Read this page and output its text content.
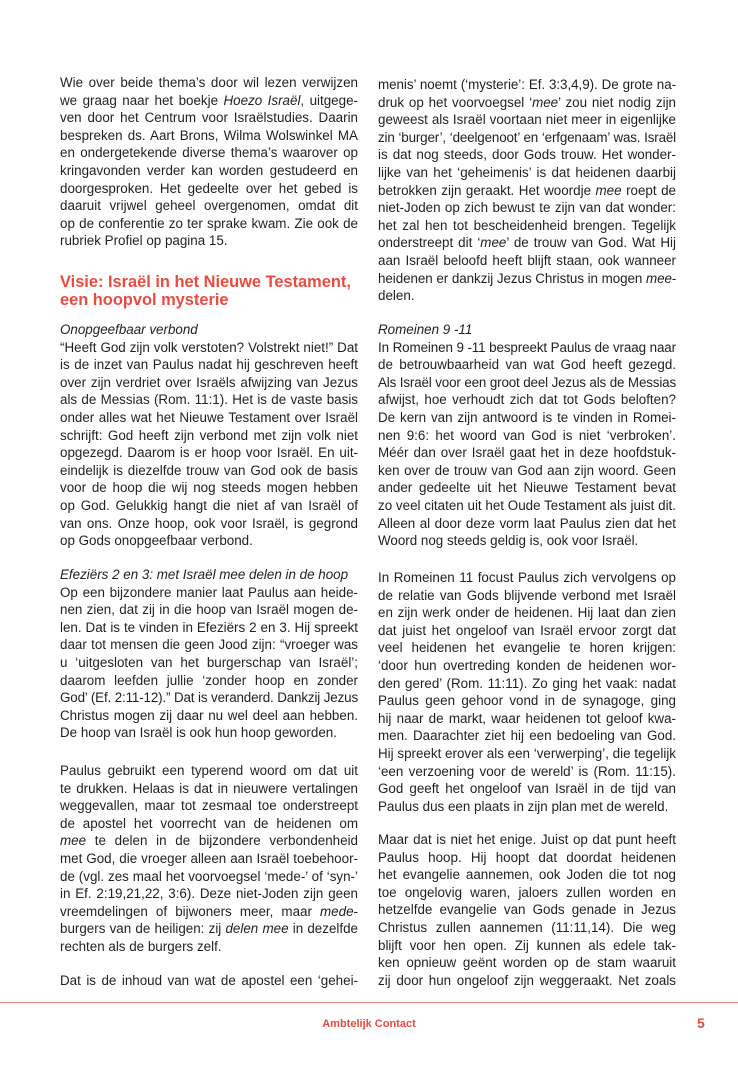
Wie over beide thema’s door wil lezen verwijzen
we graag naar het boekje Hoezo Israël, uitgege-
ven door het Centrum voor Israëlstudies. Daarin
bespreken ds. Aart Brons, Wilma Wolswinkel MA
en ondergetekende diverse thema’s waarover op
kringavonden verder kan worden gestudeerd en
doorgesproken. Het gedeelte over het gebed is
daaruit vrijwel geheel overgenomen, omdat dit
op de conferentie zo ter sprake kwam. Zie ook de
rubriek Profiel op pagina 15.
Visie: Israël in het Nieuwe Testament,
een hoopvol mysterie
Onopgeefbaar verbond
“Heeft God zijn volk verstoten? Volstrekt niet!” Dat
is de inzet van Paulus nadat hij geschreven heeft
over zijn verdriet over Israëls afwijzing van Jezus
als de Messias (Rom. 11:1). Het is de vaste basis
onder alles wat het Nieuwe Testament over Israël
schrijft: God heeft zijn verbond met zijn volk niet
opgezegd. Daarom is er hoop voor Israël. En uit-
eindelijk is diezelfde trouw van God ook de basis
voor de hoop die wij nog steeds mogen hebben
op God. Gelukkig hangt die niet af van Israël of
van ons. Onze hoop, ook voor Israël, is gegrond
op Gods onopgeefbaar verbond.
Efeziërs 2 en 3: met Israël mee delen in de hoop
Op een bijzondere manier laat Paulus aan heide-
nen zien, dat zij in die hoop van Israël mogen de-
len. Dat is te vinden in Efeziërs 2 en 3. Hij spreekt
daar tot mensen die geen Jood zijn: “vroeger was
u ‘uitgesloten van het burgerschap van Israël’;
daarom leefden jullie ‘zonder hoop en zonder
God’ (Ef. 2:11-12).” Dat is veranderd. Dankzij Jezus
Christus mogen zij daar nu wel deel aan hebben.
De hoop van Israël is ook hun hoop geworden.
Paulus gebruikt een typerend woord om dat uit
te drukken. Helaas is dat in nieuwere vertalingen
weggevallen, maar tot zesmaal toe onderstreept
de apostel het voorrecht van de heidenen om
mee te delen in de bijzondere verbondenheid
met God, die vroeger alleen aan Israël toebehoor-
de (vgl. zes maal het voorvoegsel ‘mede-’ of ‘syn-’
in Ef. 2:19,21,22, 3:6). Deze niet-Joden zijn geen
vreemdelingen of bijwoners meer, maar mede-
burgers van de heiligen: zij delen mee in dezelfde
rechten als de burgers zelf.
Dat is de inhoud van wat de apostel een ‘gehei-
menis’ noemt (‘mysterie’: Ef. 3:3,4,9). De grote na-
druk op het voorvoegsel ‘mee’ zou niet nodig zijn
geweest als Israël voortaan niet meer in eigenlijke
zin ‘burger’, ‘deelgenoot’ en ‘erfgenaam’ was. Israël
is dat nog steeds, door Gods trouw. Het wonder-
lijke van het ‘geheimenis’ is dat heidenen daarbij
betrokken zijn geraakt. Het woordje mee roept de
niet-Joden op zich bewust te zijn van dat wonder:
het zal hen tot bescheidenheid brengen. Tegelijk
onderstreept dit ‘mee’ de trouw van God. Wat Hij
aan Israël beloofd heeft blijft staan, ook wanneer
heidenen er dankzij Jezus Christus in mogen mee-
delen.
Romeinen 9 -11
In Romeinen 9 -11 bespreekt Paulus de vraag naar
de betrouwbaarheid van wat God heeft gezegd.
Als Israël voor een groot deel Jezus als de Messias
afwijst, hoe verhoudt zich dat tot Gods beloften?
De kern van zijn antwoord is te vinden in Romei-
nen 9:6: het woord van God is niet ‘verbroken’.
Méér dan over Israël gaat het in deze hoofdstuk-
ken over de trouw van God aan zijn woord. Geen
ander gedeelte uit het Nieuwe Testament bevat
zo veel citaten uit het Oude Testament als juist dit.
Alleen al door deze vorm laat Paulus zien dat het
Woord nog steeds geldig is, ook voor Israël.
In Romeinen 11 focust Paulus zich vervolgens op
de relatie van Gods blijvende verbond met Israël
en zijn werk onder de heidenen. Hij laat dan zien
dat juist het ongeloof van Israël ervoor zorgt dat
veel heidenen het evangelie te horen krijgen:
‘door hun overtreding konden de heidenen wor-
den gered’ (Rom. 11:11). Zo ging het vaak: nadat
Paulus geen gehoor vond in de synagoge, ging
hij naar de markt, waar heidenen tot geloof kwa-
men. Daarachter ziet hij een bedoeling van God.
Hij spreekt erover als een ‘verwerping’, die tegelijk
‘een verzoening voor de wereld’ is (Rom. 11:15).
God geeft het ongeloof van Israël in de tijd van
Paulus dus een plaats in zijn plan met de wereld.
Maar dat is niet het enige. Juist op dat punt heeft
Paulus hoop. Hij hoopt dat doordat heidenen
het evangelie aannemen, ook Joden die tot nog
toe ongelovig waren, jaloers zullen worden en
hetzelfde evangelie van Gods genade in Jezus
Christus zullen aannemen (11:11,14). Die weg
blijft voor hen open. Zij kunnen als edele tak-
ken opnieuw geënt worden op de stam waaruit
zij door hun ongeloof zijn weggeraakt. Net zoals
Ambtelijk Contact	5
